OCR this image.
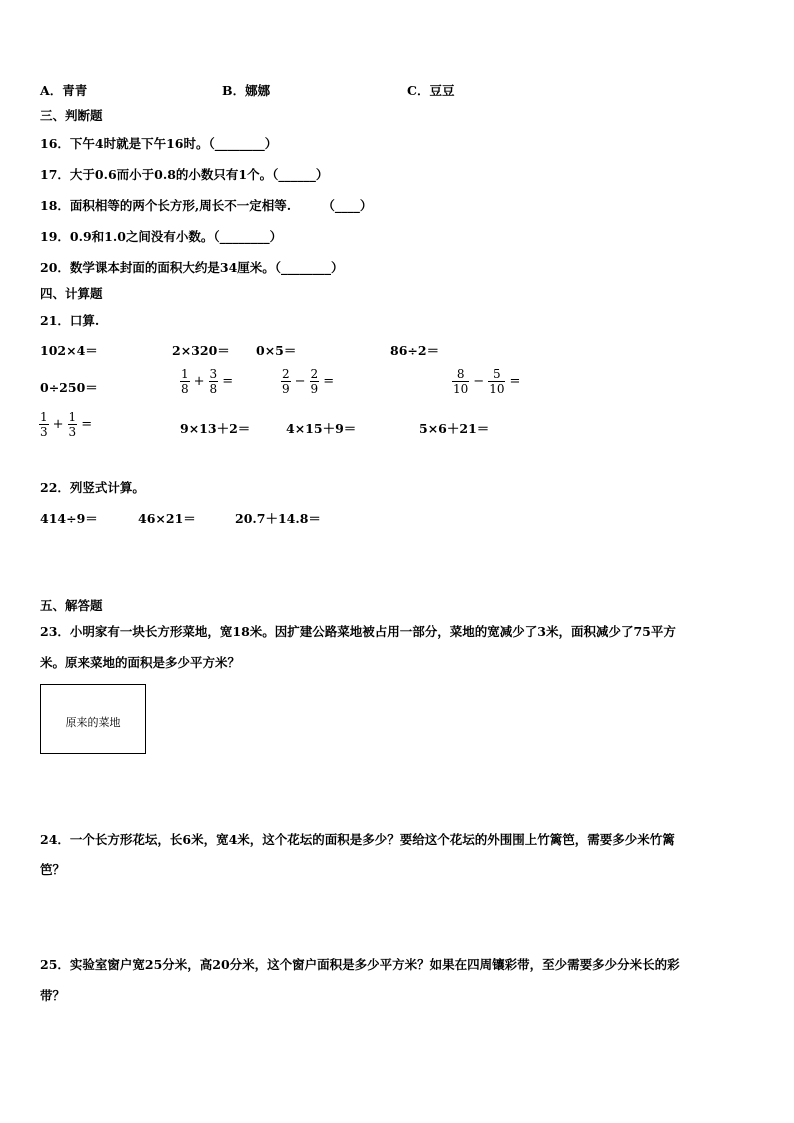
A．青青	B．娜娜	C．豆豆
三、判断题
16．下午4时就是下午16时。（________）
17．大于0.6而小于0.8的小数只有1个。（______）
18．面积相等的两个长方形,周长不一定相等.　　　（____）
19．0.9和1.0之间没有小数。（________）
20．数学课本封面的面积大约是34厘米。（________）
四、计算题
21．口算.
102×4＝	2×320＝ 0×5＝	86÷2＝
0÷250＝	$\frac{1}{8} + \frac{3}{8}$ =	$\frac{2}{9} - \frac{2}{9}$ =	$\frac{8}{10} - \frac{5}{10}$ =
$\frac{1}{3} + \frac{1}{3}$ =	9×13＋2＝	4×15＋9＝	5×6＋21＝
22．列竖式计算。
414÷9＝	46×21＝	20.7＋14.8＝
五、解答题
23．小明家有一块长方形菜地，宽18米。因扩建公路菜地被占用一部分，菜地的宽减少了3米，面积减少了75平方
米。原来菜地的面积是多少平方米？
原来的菜地
24．一个长方形花坛，长6米，宽4米，这个花坛的面积是多少？要给这个花坛的外围围上竹篱笆，需要多少米竹篱
笆？
25．实验室窗户宽25分米，高20分米，这个窗户面积是多少平方米？如果在四周镶彩带，至少需要多少分米长的彩
带？
